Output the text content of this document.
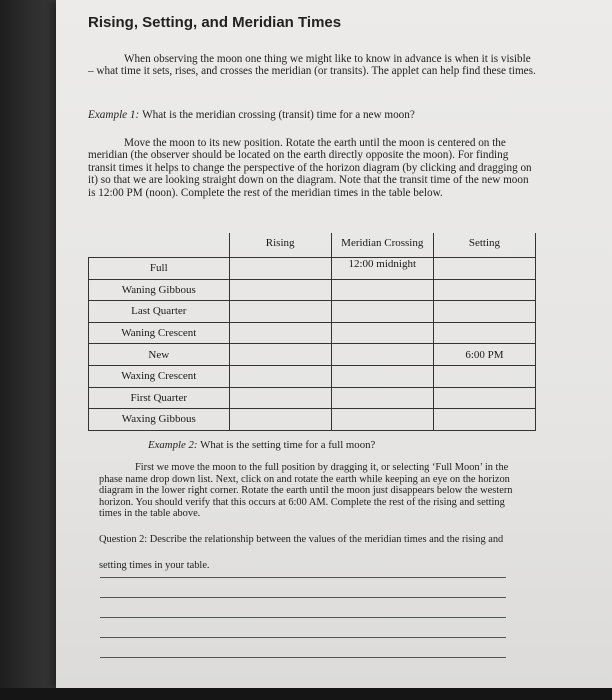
Rising, Setting, and Meridian Times
When observing the moon one thing we might like to know in advance is when it is visible – what time it sets, rises, and crosses the meridian (or transits). The applet can help find these times.
Example 1: What is the meridian crossing (transit) time for a new moon?
Move the moon to its new position. Rotate the earth until the moon is centered on the meridian (the observer should be located on the earth directly opposite the moon). For finding transit times it helps to change the perspective of the horizon diagram (by clicking and dragging on it) so that we are looking straight down on the diagram. Note that the transit time of the new moon is 12:00 PM (noon). Complete the rest of the meridian times in the table below.
	Rising	Meridian Crossing	Setting
Full		12:00 midnight	
Waning Gibbous			
Last Quarter			
Waning Crescent			
New			6:00 PM
Waxing Crescent			
First Quarter			
Waxing Gibbous			
Example 2: What is the setting time for a full moon?
First we move the moon to the full position by dragging it, or selecting ‘Full Moon’ in the phase name drop down list. Next, click on and rotate the earth while keeping an eye on the horizon diagram in the lower right corner. Rotate the earth until the moon just disappears below the western horizon. You should verify that this occurs at 6:00 AM. Complete the rest of the rising and setting times in the table above.
Question 2: Describe the relationship between the values of the meridian times and the rising and setting times in your table.
